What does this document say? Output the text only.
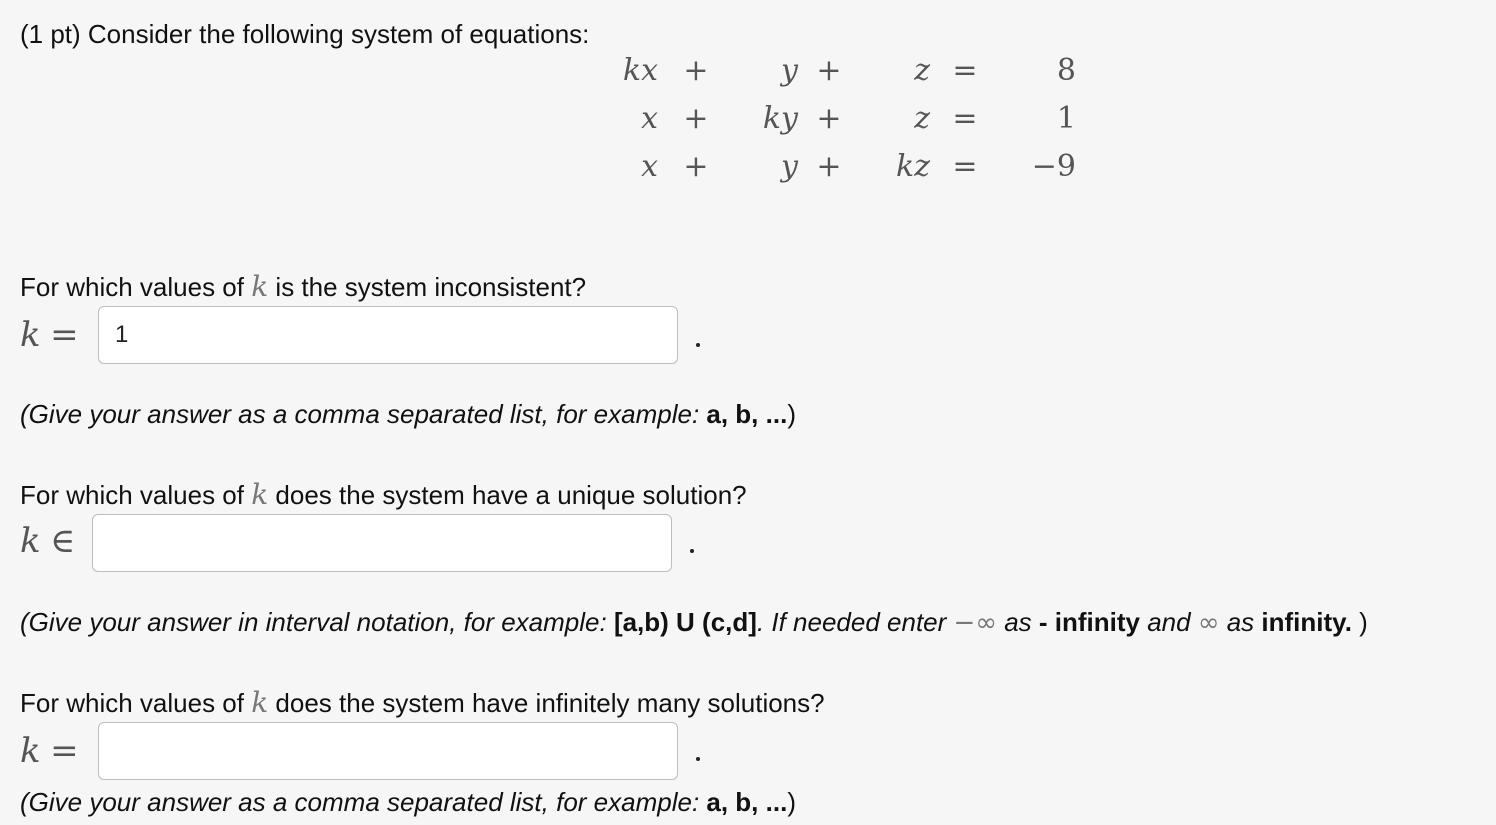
(1 pt) Consider the following system of equations:
kx	+	y	+	z	=	8
x	+	ky	+	z	=	1
x	+	y	+	kz	=	−9
For which values of k is the system inconsistent?
k =
1
(Give your answer as a comma separated list, for example: a, b, ...)
For which values of k does the system have a unique solution?
k ∈
(Give your answer in interval notation, for example: [a,b) U (c,d]. If needed enter −∞ as - infinity and ∞ as infinity. )
For which values of k does the system have infinitely many solutions?
k =
(Give your answer as a comma separated list, for example: a, b, ...)
